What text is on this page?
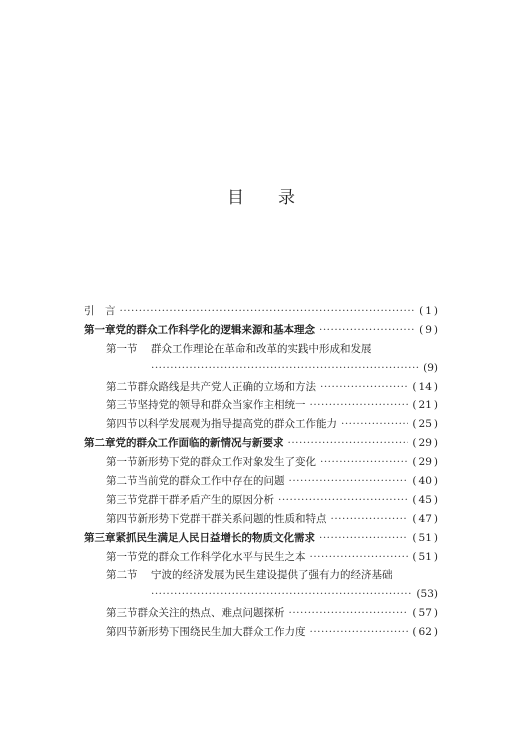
目 录
引　言 ·····	( 1 )
第一章 党的群众工作科学化的逻辑来源和基本理念 ·····	( 9 )
第一节	群众工作理论在革命和改革的实践中形成和发展
·····
(9)
第二节 群众路线是共产党人正确的立场和方法 ·····	( 14 )
第三节 坚持党的领导和群众当家作主相统一 ·····	( 21 )
第四节 以科学发展观为指导提高党的群众工作能力 ·····	( 25 )
第二章 党的群众工作面临的新情况与新要求 ·····	( 29 )
第一节 新形势下党的群众工作对象发生了变化 ·····	( 29 )
第二节 当前党的群众工作中存在的问题 ·····	( 40 )
第三节 党群干群矛盾产生的原因分析 ·····	( 45 )
第四节 新形势下党群干群关系问题的性质和特点 ·····	( 47 )
第三章 紧抓民生满足人民日益增长的物质文化需求 ·····	( 51 )
第一节 党的群众工作科学化水平与民生之本 ·····	( 51 )
第二节	宁波的经济发展为民生建设提供了强有力的经济基础
·····
(53)
第三节 群众关注的热点、难点问题探析 ·····	( 57 )
第四节 新形势下围绕民生加大群众工作力度 ·····	( 62 )
